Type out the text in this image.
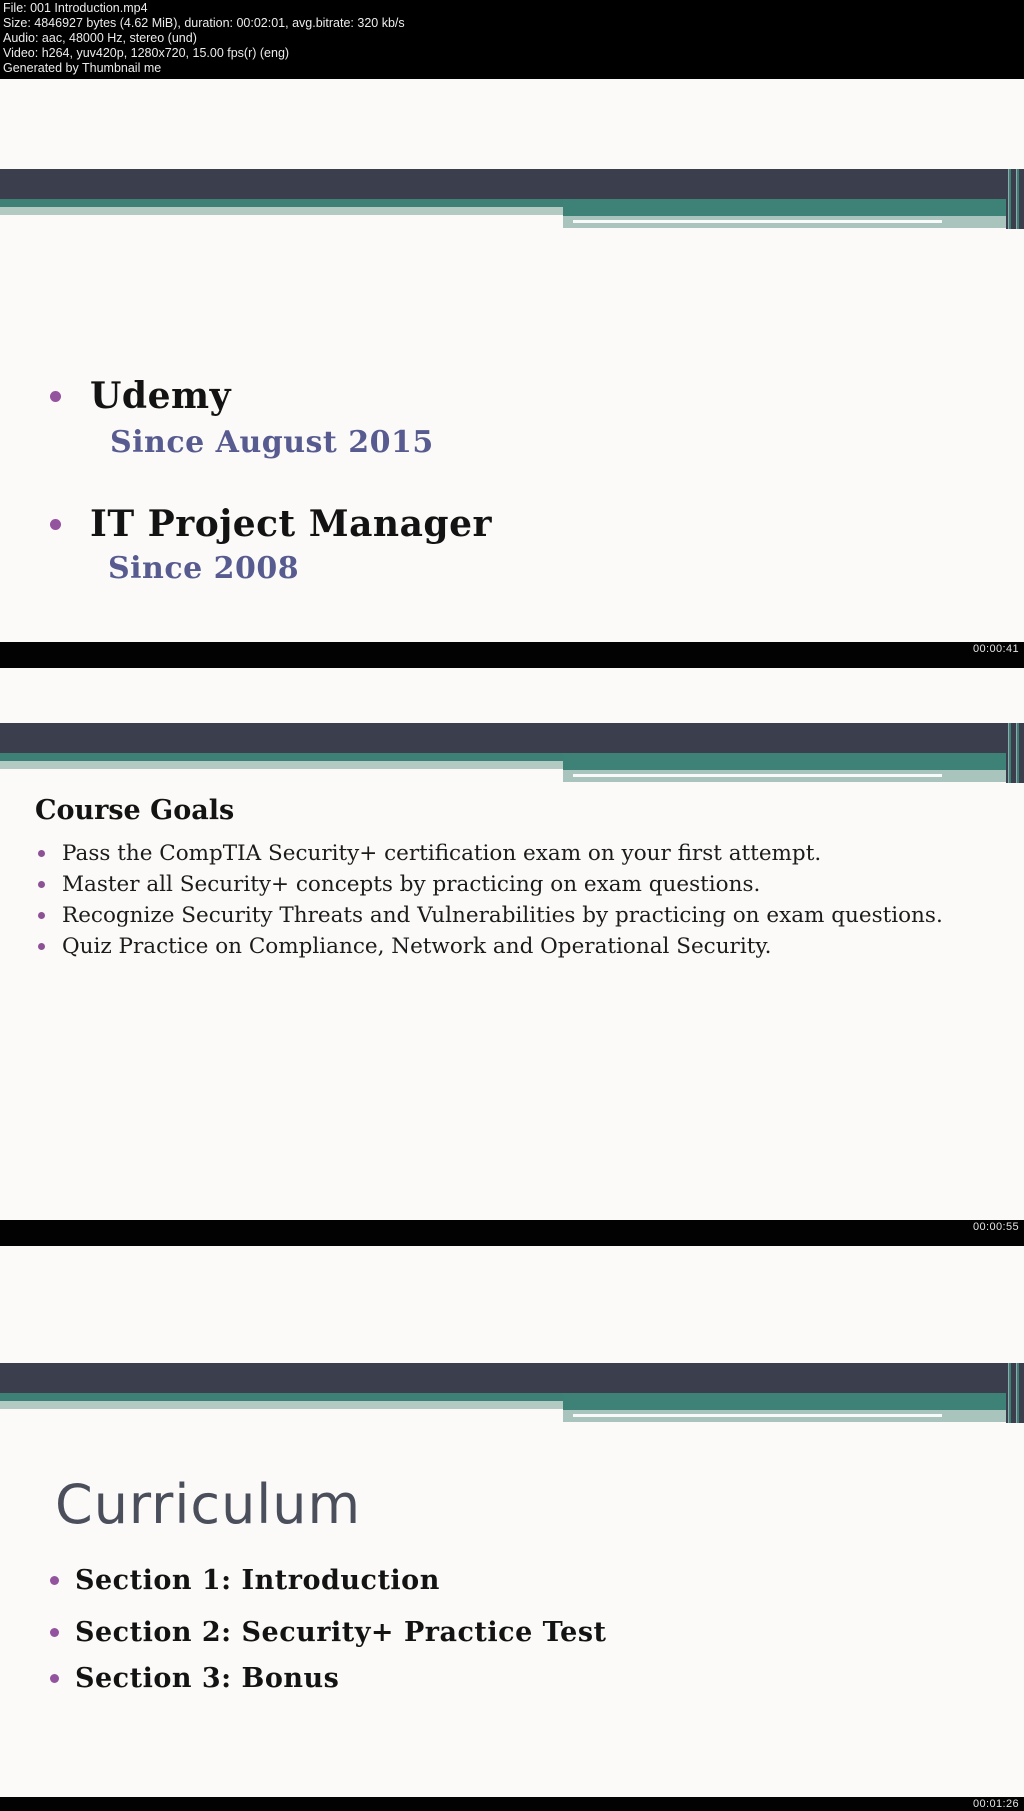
File: 001 Introduction.mp4
Size: 4846927 bytes (4.62 MiB), duration: 00:02:01, avg.bitrate: 320 kb/s
Audio: aac, 48000 Hz, stereo (und)
Video: h264, yuv420p, 1280x720, 15.00 fps(r) (eng)
Generated by Thumbnail me
Udemy
Since August 2015
IT Project Manager
Since 2008
00:00:41
Course Goals
Pass the CompTIA Security+ certification exam on your first attempt.
Master all Security+ concepts by practicing on exam questions.
Recognize Security Threats and Vulnerabilities by practicing on exam questions.
Quiz Practice on Compliance, Network and Operational Security.
00:00:55
Curriculum
Section 1: Introduction
Section 2: Security+ Practice Test
Section 3: Bonus
00:01:26
